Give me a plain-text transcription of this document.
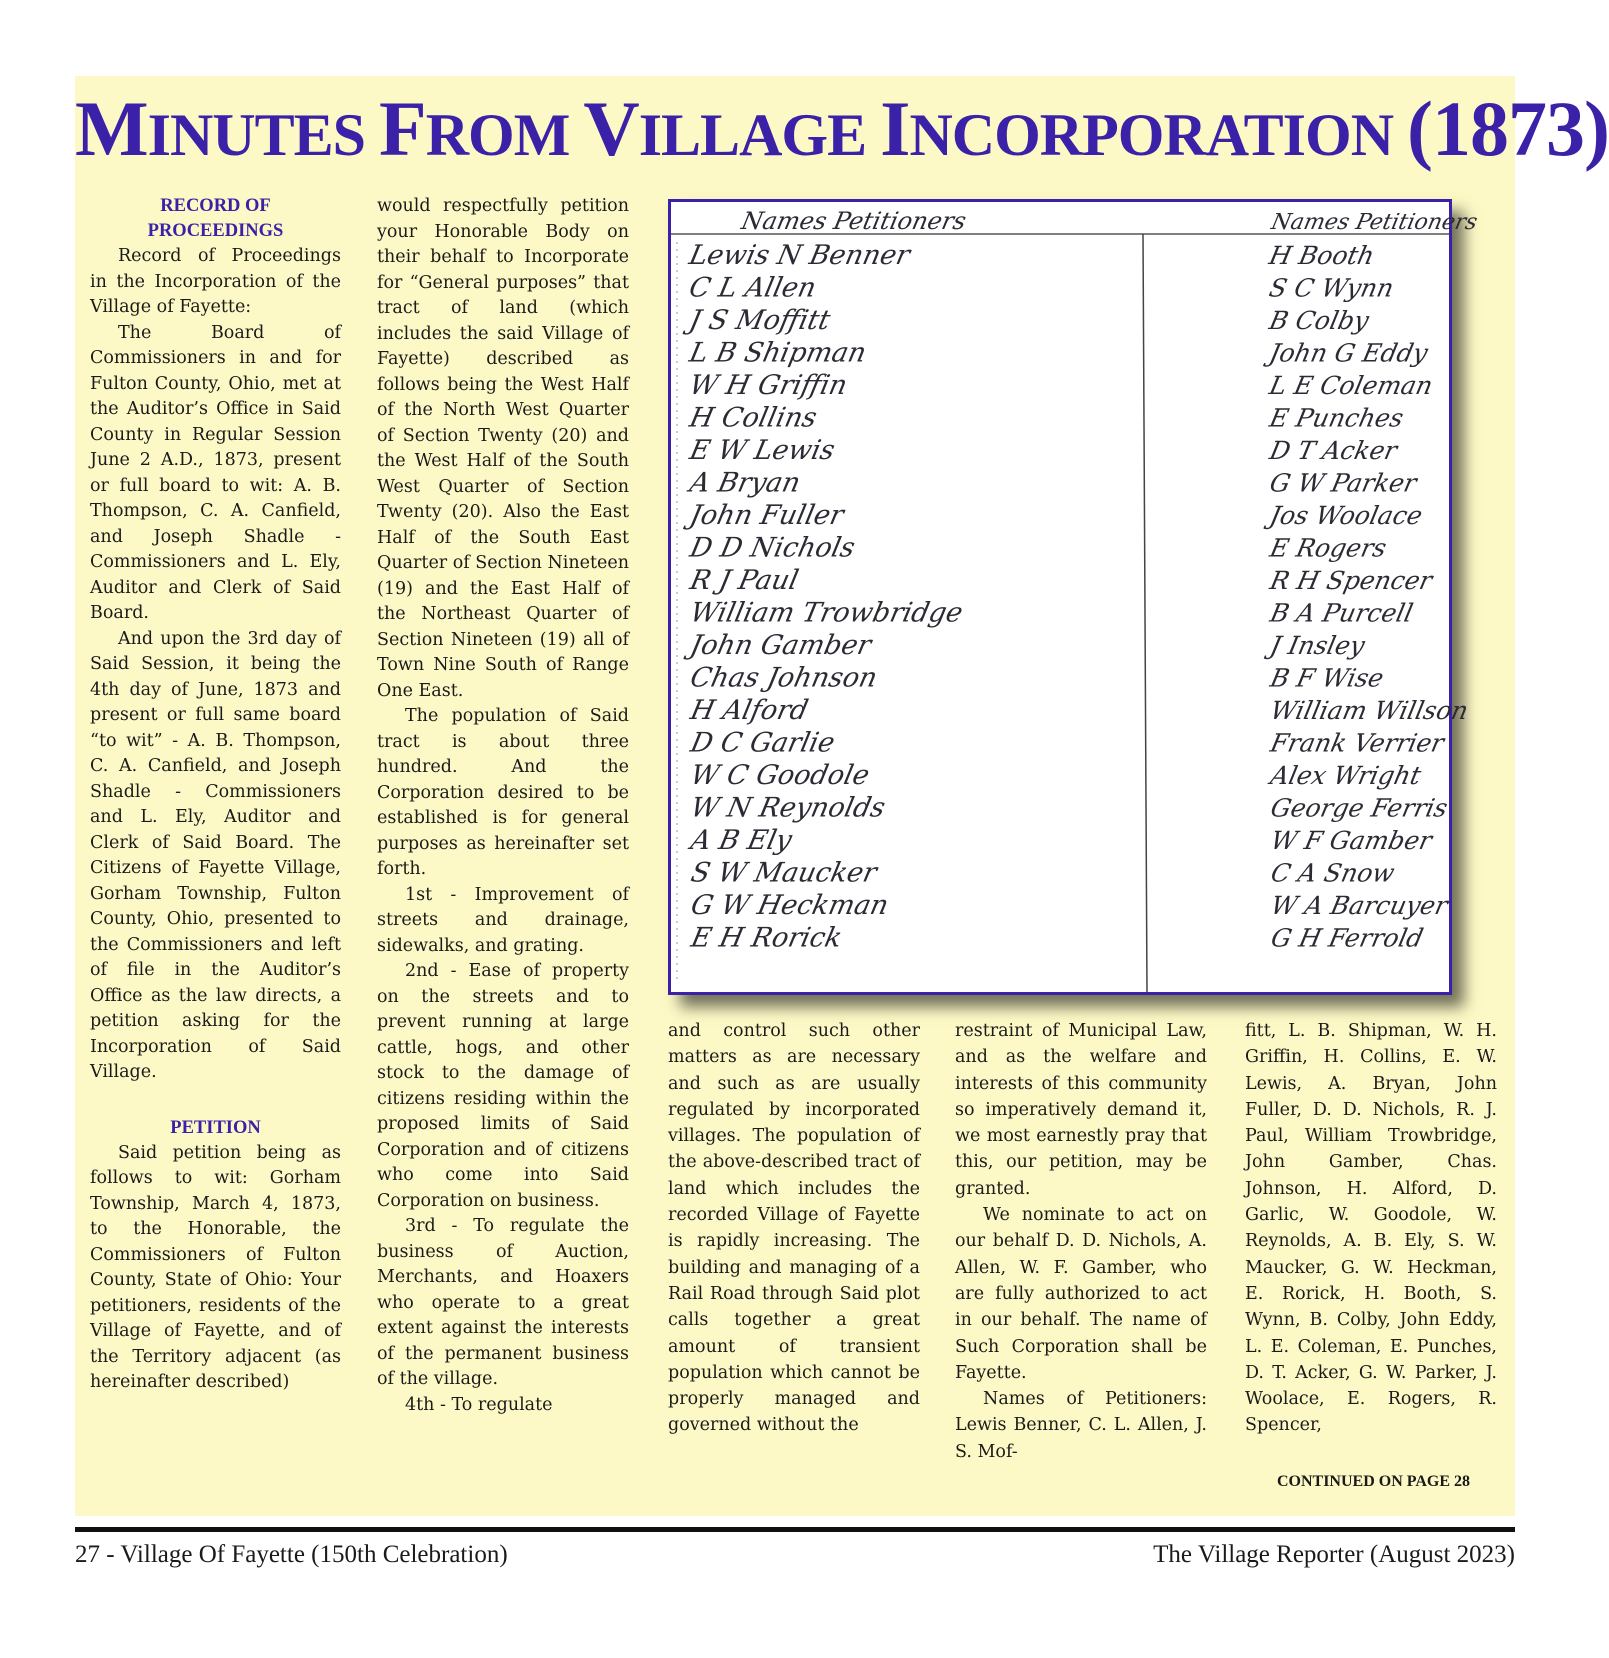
MINUTES FROM VILLAGE INCORPORATION (1873)
RECORD OF PROCEEDINGS

Record of Proceedings in the Incorporation of the Village of Fayette:

The Board of Commissioners in and for Fulton County, Ohio, met at the Auditor’s Office in Said County in Regular Session June 2 A.D., 1873, present or full board to wit: A. B. Thompson, C. A. Canfield, and Joseph Shadle - Commissioners and L. Ely, Auditor and Clerk of Said Board.

And upon the 3rd day of Said Session, it being the 4th day of June, 1873 and present or full same board “to wit” - A. B. Thompson, C. A. Canfield, and Joseph Shadle - Commissioners and L. Ely, Auditor and Clerk of Said Board. The Citizens of Fayette Village, Gorham Township, Fulton County, Ohio, presented to the Commissioners and left of file in the Auditor’s Office as the law directs, a petition asking for the Incorporation of Said Village.

PETITION

Said petition being as follows to wit: Gorham Township, March 4, 1873, to the Honorable, the Commissioners of Fulton County, State of Ohio: Your petitioners, residents of the Village of Fayette, and of the Territory adjacent (as hereinafter described)

would respectfully petition your Honorable Body on their behalf to Incorporate for “General purposes” that tract of land (which includes the said Village of Fayette) described as follows being the West Half of the North West Quarter of Section Twenty (20) and the West Half of the South West Quarter of Section Twenty (20). Also the East Half of the South East Quarter of Section Nineteen (19) and the East Half of the Northeast Quarter of Section Nineteen (19) all of Town Nine South of Range One East.

The population of Said tract is about three hundred. And the Corporation desired to be established is for general purposes as hereinafter set forth.

1st - Improvement of streets and drainage, sidewalks, and grating.

2nd - Ease of property on the streets and to prevent running at large cattle, hogs, and other stock to the damage of citizens residing within the proposed limits of Said Corporation and of citizens who come into Said Corporation on business.

3rd - To regulate the business of Auction, Merchants, and Hoaxers who operate to a great extent against the interests of the permanent business of the village.

4th - To regulate

Names Petitioners	Names Petitioners
Lewis N Benner
C L Allen
J S Moffitt
L B Shipman
W H Griffin
H Collins
E W Lewis
A Bryan
John Fuller
D D Nichols
R J Paul
William Trowbridge
John Gamber
Chas Johnson
H Alford
D C Garlie
W C Goodole
W N Reynolds
A B Ely
S W Maucker
G W Heckman
E H Rorick
H Booth
S C Wynn
B Colby
John G Eddy
L E Coleman
E Punches
D T Acker
G W Parker
Jos Woolace
E Rogers
R H Spencer
B A Purcell
J Insley
B F Wise
William Willson
Frank Verrier
Alex Wright
George Ferris
W F Gamber
C A Snow
W A Barcuyer
G H Ferrold

and control such other matters as are necessary and such as are usually regulated by incorporated villages. The population of the above-described tract of land which includes the recorded Village of Fayette is rapidly increasing. The building and managing of a Rail Road through Said plot calls together a great amount of transient population which cannot be properly managed and governed without the

restraint of Municipal Law, and as the welfare and interests of this community so imperatively demand it, we most earnestly pray that this, our petition, may be granted.

We nominate to act on our behalf D. D. Nichols, A. Allen, W. F. Gamber, who are fully authorized to act in our behalf. The name of Such Corporation shall be Fayette.

Names of Petitioners: Lewis Benner, C. L. Allen, J. S. Mof-

fitt, L. B. Shipman, W. H. Griffin, H. Collins, E. W. Lewis, A. Bryan, John Fuller, D. D. Nichols, R. J. Paul, William Trowbridge, John Gamber, Chas. Johnson, H. Alford, D. Garlic, W. Goodole, W. Reynolds, A. B. Ely, S. W. Maucker, G. W. Heckman, E. Rorick, H. Booth, S. Wynn, B. Colby, John Eddy, L. E. Coleman, E. Punches, D. T. Acker, G. W. Parker, J. Woolace, E. Rogers, R. Spencer,

CONTINUED ON PAGE 28
27 - Village Of Fayette (150th Celebration)	The Village Reporter (August 2023)
